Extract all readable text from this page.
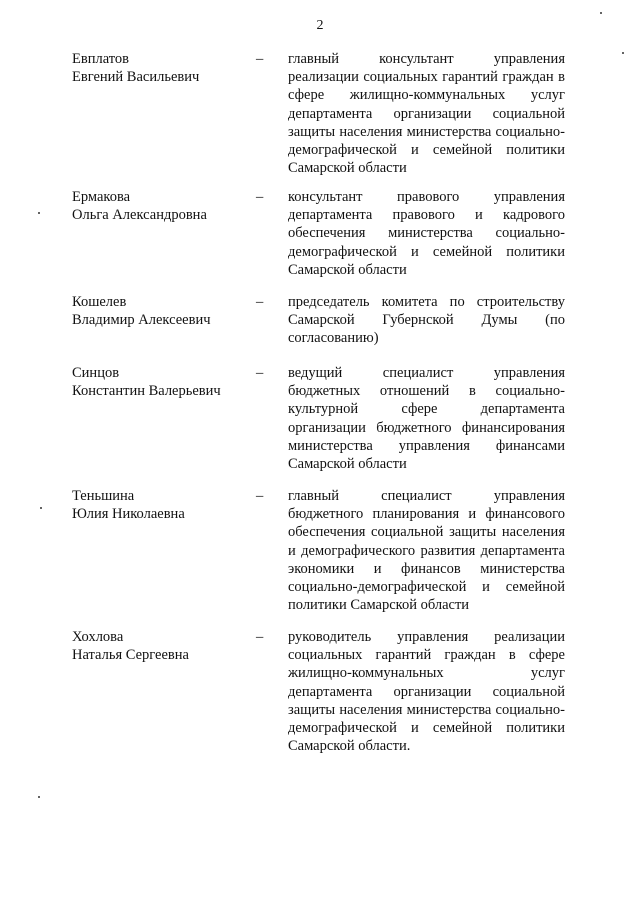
2
Евплатов
Евгений Васильевич
– главный консультант управления реализации социальных гарантий граждан в сфере жилищно-коммунальных услуг департамента организации социальной защиты населения министерства социально-демографической и семейной политики Самарской области
Ермакова
Ольга Александровна
– консультант правового управления департамента правового и кадрового обеспечения министерства социально-демографической и семейной политики Самарской области
Кошелев
Владимир Алексеевич
– председатель комитета по строительству Самарской Губернской Думы (по согласованию)
Синцов
Константин Валерьевич
– ведущий специалист управления бюджетных отношений в социально-культурной сфере департамента организации бюджетного финансирования министерства управления финансами Самарской области
Теньшина
Юлия Николаевна
– главный специалист управления бюджетного планирования и финансового обеспечения социальной защиты населения и демографического развития департамента экономики и финансов министерства социально-демографической и семейной политики Самарской области
Хохлова
Наталья Сергеевна
– руководитель управления реализации социальных гарантий граждан в сфере жилищно-коммунальных услуг департамента организации социальной защиты населения министерства социально-демографической и семейной политики Самарской области.
